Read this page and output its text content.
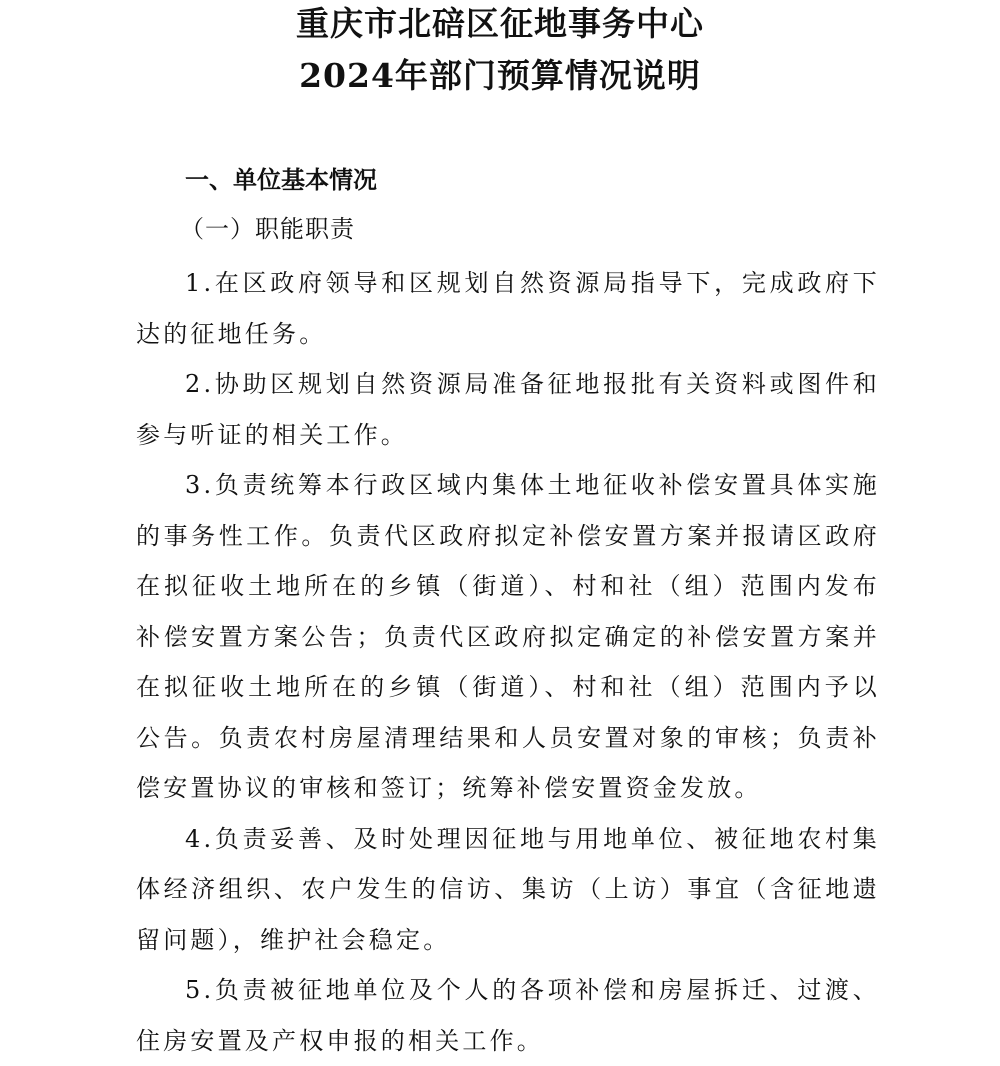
重庆市北碚区征地事务中心
2024年部门预算情况说明
一、单位基本情况
（一）职能职责

1.在区政府领导和区规划自然资源局指导下，完成政府下达的征地任务。

2.协助区规划自然资源局准备征地报批有关资料或图件和参与听证的相关工作。

3.负责统筹本行政区域内集体土地征收补偿安置具体实施的事务性工作。负责代区政府拟定补偿安置方案并报请区政府在拟征收土地所在的乡镇（街道）、村和社（组）范围内发布补偿安置方案公告；负责代区政府拟定确定的补偿安置方案并在拟征收土地所在的乡镇（街道）、村和社（组）范围内予以公告。负责农村房屋清理结果和人员安置对象的审核；负责补偿安置协议的审核和签订；统筹补偿安置资金发放。

4.负责妥善、及时处理因征地与用地单位、被征地农村集体经济组织、农户发生的信访、集访（上访）事宜（含征地遗留问题），维护社会稳定。

5.负责被征地单位及个人的各项补偿和房屋拆迁、过渡、住房安置及产权申报的相关工作。
